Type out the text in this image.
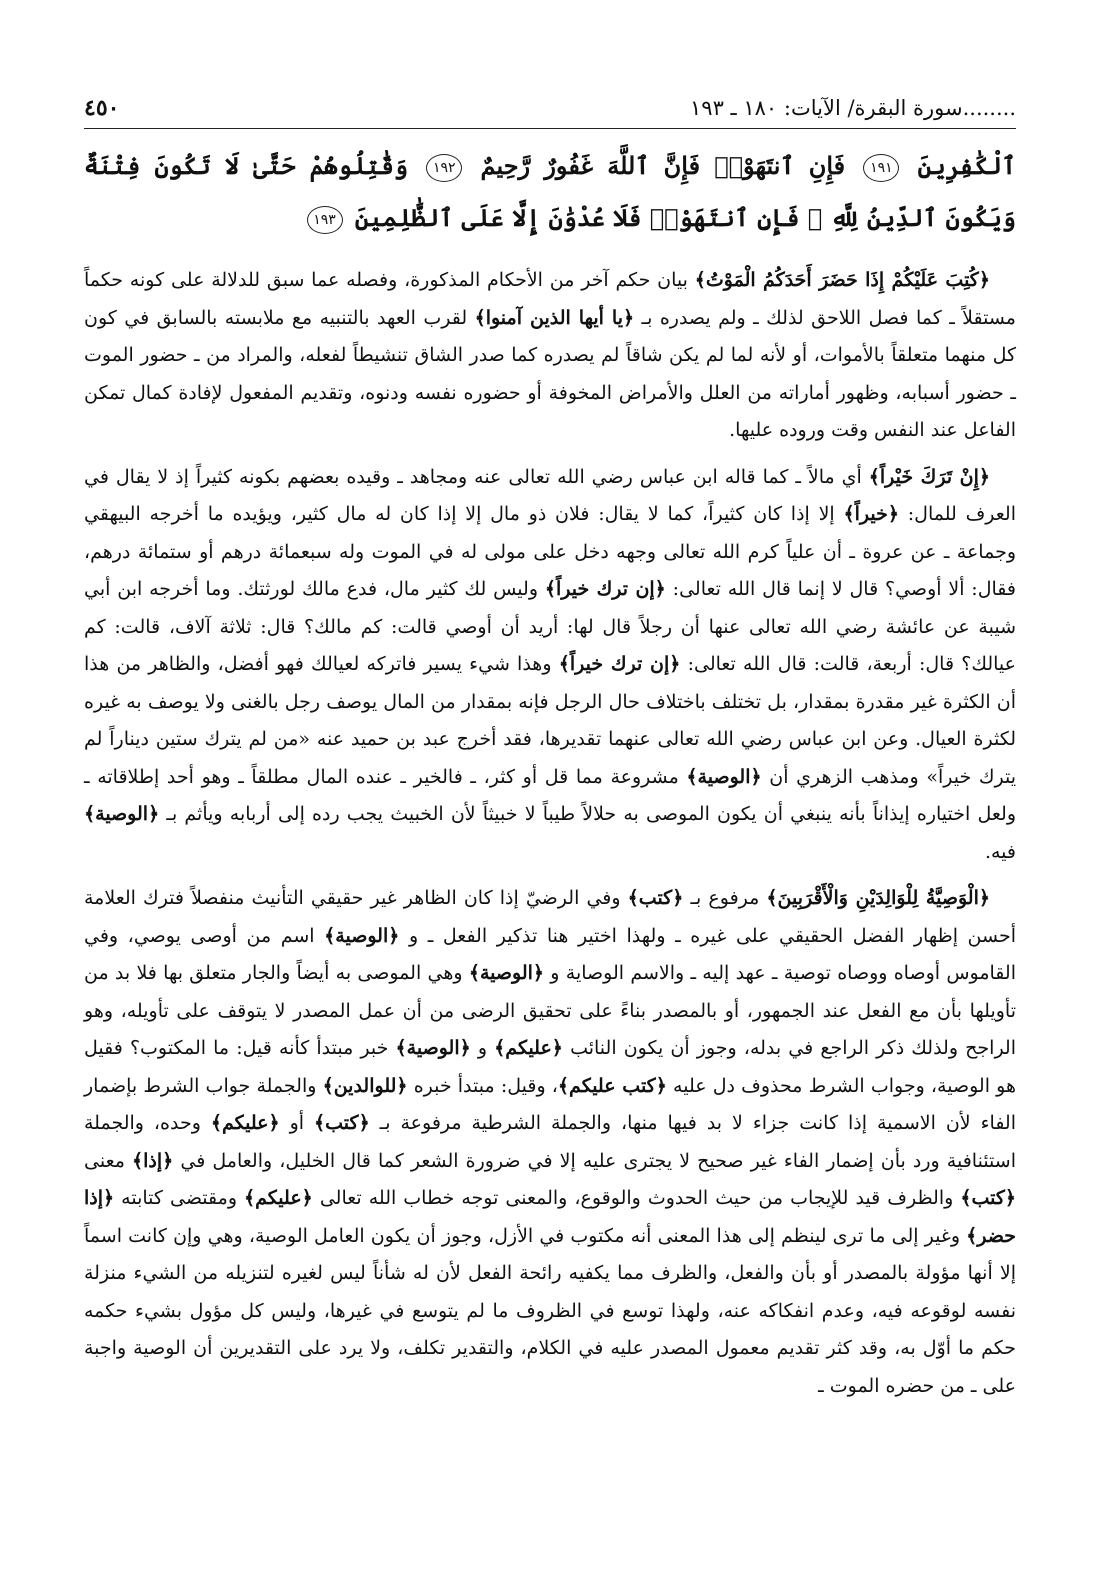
........سورة البقرة/ الآيات: ١٨٠ ـ ١٩٣
٤٥٠
ٱلْكَٰفِرِينَ ١٩١ فَإِنِ ٱنتَهَوْا۟ فَإِنَّ ٱللَّهَ غَفُورٌ رَّحِيمٌ ١٩٢ وَقَٰتِلُوهُمْ حَتَّىٰ لَا تَكُونَ فِتْنَةٌ وَيَكُونَ ٱلدِّينُ لِلَّهِ ۖ فَإِنِ ٱنتَهَوْا۟ فَلَا عُدْوَٰنَ إِلَّا عَلَى ٱلظَّٰلِمِينَ ١٩٣

﴿كُتِبَ عَلَيْكُمْ إِذَا حَضَرَ أَحَدَكُمُ الْمَوْتُ﴾ بيان حكم آخر من الأحكام المذكورة، وفصله عما سبق للدلالة على كونه حكماً مستقلاً ـ كما فصل اللاحق لذلك ـ ولم يصدره بـ ﴿يا أيها الذين آمنوا﴾ لقرب العهد بالتنبيه مع ملابسته بالسابق في كون كل منهما متعلقاً بالأموات، أو لأنه لما لم يكن شاقاً لم يصدره كما صدر الشاق تنشيطاً لفعله، والمراد من ـ حضور الموت ـ حضور أسبابه، وظهور أماراته من العلل والأمراض المخوفة أو حضوره نفسه ودنوه، وتقديم المفعول لإفادة كمال تمكن الفاعل عند النفس وقت وروده عليها.

﴿إِنْ تَرَكَ خَيْراً﴾ أي مالاً ـ كما قاله ابن عباس رضي الله تعالى عنه ومجاهد ـ وقيده بعضهم بكونه كثيراً إذ لا يقال في العرف للمال: ﴿خيراً﴾ إلا إذا كان كثيراً، كما لا يقال: فلان ذو مال إلا إذا كان له مال كثير، ويؤيده ما أخرجه البيهقي وجماعة ـ عن عروة ـ أن علياً كرم الله تعالى وجهه دخل على مولى له في الموت وله سبعمائة درهم أو ستمائة درهم، فقال: ألا أوصي؟ قال لا إنما قال الله تعالى: ﴿إن ترك خيراً﴾ وليس لك كثير مال، فدع مالك لورثتك. وما أخرجه ابن أبي شيبة عن عائشة رضي الله تعالى عنها أن رجلاً قال لها: أريد أن أوصي قالت: كم مالك؟ قال: ثلاثة آلاف، قالت: كم عيالك؟ قال: أربعة، قالت: قال الله تعالى: ﴿إن ترك خيراً﴾ وهذا شيء يسير فاتركه لعيالك فهو أفضل، والظاهر من هذا أن الكثرة غير مقدرة بمقدار، بل تختلف باختلاف حال الرجل فإنه بمقدار من المال يوصف رجل بالغنى ولا يوصف به غيره لكثرة العيال. وعن ابن عباس رضي الله تعالى عنهما تقديرها، فقد أخرج عبد بن حميد عنه «من لم يترك ستين ديناراً لم يترك خيراً» ومذهب الزهري أن ﴿الوصية﴾ مشروعة مما قل أو كثر، ـ فالخير ـ عنده المال مطلقاً ـ وهو أحد إطلاقاته ـ ولعل اختياره إيذاناً بأنه ينبغي أن يكون الموصى به حلالاً طيباً لا خبيثاً لأن الخبيث يجب رده إلى أربابه ويأثم بـ ﴿الوصية﴾ فيه.

﴿الْوَصِيَّةُ لِلْوَالِدَيْنِ وَالْأَقْرَبِينَ﴾ مرفوع بـ ﴿كتب﴾ وفي الرضيّ إذا كان الظاهر غير حقيقي التأنيث منفصلاً فترك العلامة أحسن إظهار الفضل الحقيقي على غيره ـ ولهذا اختير هنا تذكير الفعل ـ و ﴿الوصية﴾ اسم من أوصى يوصي، وفي القاموس أوصاه ووصاه توصية ـ عهد إليه ـ والاسم الوصاية و ﴿الوصية﴾ وهي الموصى به أيضاً والجار متعلق بها فلا بد من تأويلها بأن مع الفعل عند الجمهور، أو بالمصدر بناءً على تحقيق الرضى من أن عمل المصدر لا يتوقف على تأويله، وهو الراجح ولذلك ذكر الراجع في بدله، وجوز أن يكون النائب ﴿عليكم﴾ و ﴿الوصية﴾ خبر مبتدأ كأنه قيل: ما المكتوب؟ فقيل هو الوصية، وجواب الشرط محذوف دل عليه ﴿كتب عليكم﴾، وقيل: مبتدأ خبره ﴿للوالدين﴾ والجملة جواب الشرط بإضمار الفاء لأن الاسمية إذا كانت جزاء لا بد فيها منها، والجملة الشرطية مرفوعة بـ ﴿كتب﴾ أو ﴿عليكم﴾ وحده، والجملة استئنافية ورد بأن إضمار الفاء غير صحيح لا يجترى عليه إلا في ضرورة الشعر كما قال الخليل، والعامل في ﴿إذا﴾ معنى ﴿كتب﴾ والظرف قيد للإيجاب من حيث الحدوث والوقوع، والمعنى توجه خطاب الله تعالى ﴿عليكم﴾ ومقتضى كتابته ﴿إذا حضر﴾ وغير إلى ما ترى لينظم إلى هذا المعنى أنه مكتوب في الأزل، وجوز أن يكون العامل الوصية، وهي وإن كانت اسماً إلا أنها مؤولة بالمصدر أو بأن والفعل، والظرف مما يكفيه رائحة الفعل لأن له شأناً ليس لغيره لتنزيله من الشيء منزلة نفسه لوقوعه فيه، وعدم انفكاكه عنه، ولهذا توسع في الظروف ما لم يتوسع في غيرها، وليس كل مؤول بشيء حكمه حكم ما أوّل به، وقد كثر تقديم معمول المصدر عليه في الكلام، والتقدير تكلف، ولا يرد على التقديرين أن الوصية واجبة على ـ من حضره الموت ـ
